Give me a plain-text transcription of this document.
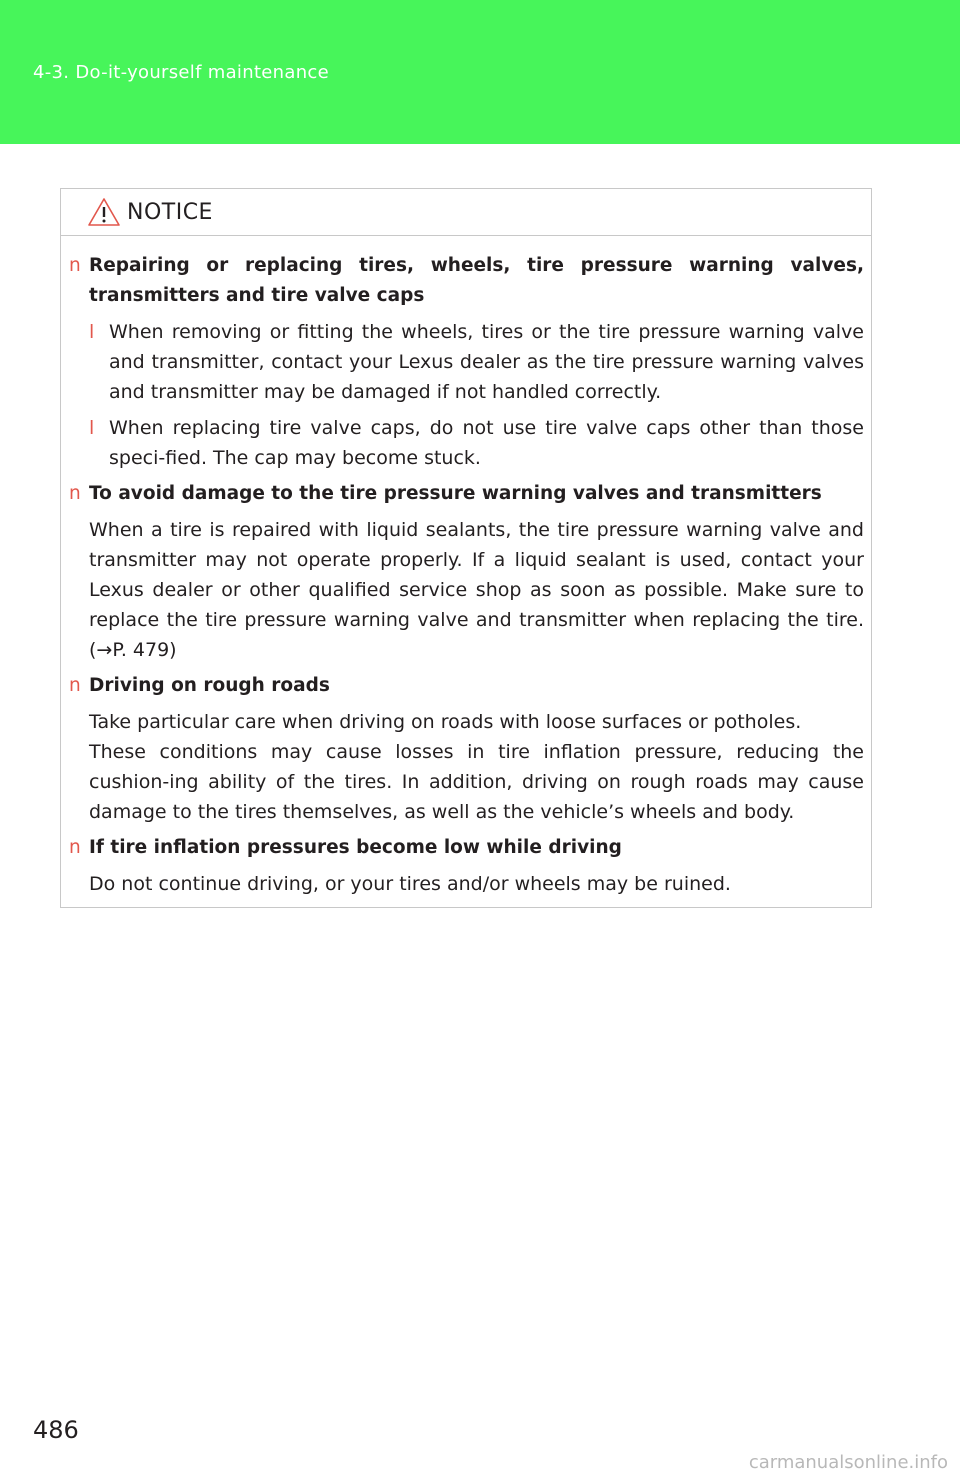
4-3. Do-it-yourself maintenance
NOTICE
n Repairing or replacing tires, wheels, tire pressure warning valves, transmitters and tire valve caps
l When removing or fitting the wheels, tires or the tire pressure warning valve and transmitter, contact your Lexus dealer as the tire pressure warning valves and transmitter may be damaged if not handled correctly.
l When replacing tire valve caps, do not use tire valve caps other than those speci-fied. The cap may become stuck.
n To avoid damage to the tire pressure warning valves and transmitters
When a tire is repaired with liquid sealants, the tire pressure warning valve and transmitter may not operate properly. If a liquid sealant is used, contact your Lexus dealer or other qualified service shop as soon as possible. Make sure to replace the tire pressure warning valve and transmitter when replacing the tire. (→P. 479)
n Driving on rough roads
Take particular care when driving on roads with loose surfaces or potholes.
These conditions may cause losses in tire inflation pressure, reducing the cushion-ing ability of the tires. In addition, driving on rough roads may cause damage to the tires themselves, as well as the vehicle’s wheels and body.
n If tire inflation pressures become low while driving
Do not continue driving, or your tires and/or wheels may be ruined.
486
carmanualsonline.info
